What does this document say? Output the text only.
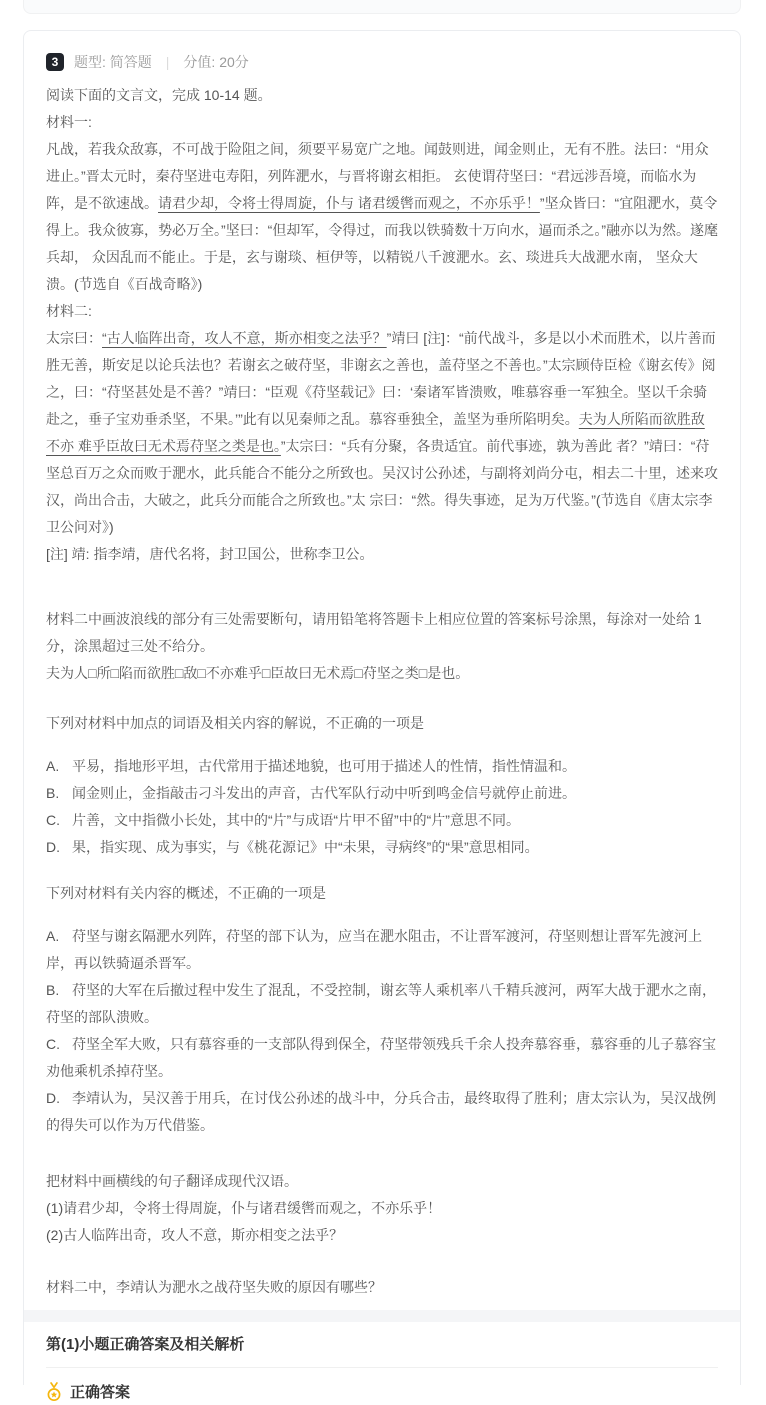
3	题型: 简答题 | 分值: 20分

阅读下面的文言文，完成 10-14 题。

材料一:

凡战，若我众敌寡，不可战于险阻之间，须要平易宽广之地。闻鼓则进，闻金则止，无有不胜。法曰：“用众进止。”晋太元时，秦苻坚进屯寿阳，列阵淝水，与晋将谢玄相拒。 玄使谓苻坚曰：“君远涉吾境，而临水为阵，是不欲速战。请君少却，令将士得周旋，仆与 诸君缓辔而观之，不亦乐乎！”坚众皆曰：“宜阻淝水，莫令得上。我众彼寡，势必万全。”坚曰：“但却军，令得过，而我以铁骑数十万向水，逼而杀之。”融亦以为然。遂麾兵却， 众因乱而不能止。于是，玄与谢琰、桓伊等，以精锐八千渡淝水。玄、琰进兵大战淝水南， 坚众大溃。(节选自《百战奇略》)

材料二:

太宗曰：“古人临阵出奇，攻人不意，斯亦相变之法乎？”靖曰 [注]：“前代战斗，多是以小术而胜术，以片善而胜无善，斯安足以论兵法也？若谢玄之破苻坚，非谢玄之善也，盖苻坚之不善也。”太宗顾侍臣检《谢玄传》阅之，曰：“苻坚甚处是不善？”靖曰：“臣观《苻坚载记》曰：‘秦诸军皆溃败，唯慕容垂一军独全。坚以千余骑赴之，垂子宝劝垂杀坚，不果。’”此有以见秦师之乱。慕容垂独全，盖坚为垂所陷明矣。夫为人所陷而欲胜敌不亦 难乎臣故曰无术焉苻坚之类是也。”太宗曰：“兵有分聚，各贵适宜。前代事迹，孰为善此 者？”靖曰：“苻坚总百万之众而败于淝水，此兵能合不能分之所致也。吴汉讨公孙述，与副将刘尚分屯，相去二十里，述来攻汉，尚出合击，大破之，此兵分而能合之所致也。”太 宗曰：“然。得失事迹，足为万代鉴。”(节选自《唐太宗李卫公问对》)

[注] 靖: 指李靖，唐代名将，封卫国公，世称李卫公。

材料二中画波浪线的部分有三处需要断句，请用铅笔将答题卡上相应位置的答案标号涂黑，每涂对一处给 1 分，涂黑超过三处不给分。

夫为人□所□陷而欲胜□敌□不亦难乎□臣故曰无术焉□苻坚之类□是也。

下列对材料中加点的词语及相关内容的解说，不正确的一项是

A. 平易，指地形平坦，古代常用于描述地貌，也可用于描述人的性情，指性情温和。

B. 闻金则止，金指敲击刁斗发出的声音，古代军队行动中听到鸣金信号就停止前进。

C. 片善，文中指微小长处，其中的“片”与成语“片甲不留”中的“片”意思不同。

D. 果，指实现、成为事实，与《桃花源记》中“未果，寻病终”的“果”意思相同。

下列对材料有关内容的概述，不正确的一项是

A. 苻坚与谢玄隔淝水列阵，苻坚的部下认为，应当在淝水阻击，不让晋军渡河，苻坚则想让晋军先渡河上岸，再以铁骑逼杀晋军。

B. 苻坚的大军在后撤过程中发生了混乱，不受控制，谢玄等人乘机率八千精兵渡河，两军大战于淝水之南，苻坚的部队溃败。

C. 苻坚全军大败，只有慕容垂的一支部队得到保全，苻坚带领残兵千余人投奔慕容垂，慕容垂的儿子慕容宝劝他乘机杀掉苻坚。

D. 李靖认为，吴汉善于用兵，在讨伐公孙述的战斗中，分兵合击，最终取得了胜利；唐太宗认为，吴汉战例的得失可以作为万代借鉴。

把材料中画横线的句子翻译成现代汉语。

(1)请君少却，令将士得周旋，仆与诸君缓辔而观之，不亦乐乎！

(2)古人临阵出奇，攻人不意，斯亦相变之法乎？

材料二中，李靖认为淝水之战苻坚失败的原因有哪些？

第(1)小题正确答案及相关解析

正确答案
